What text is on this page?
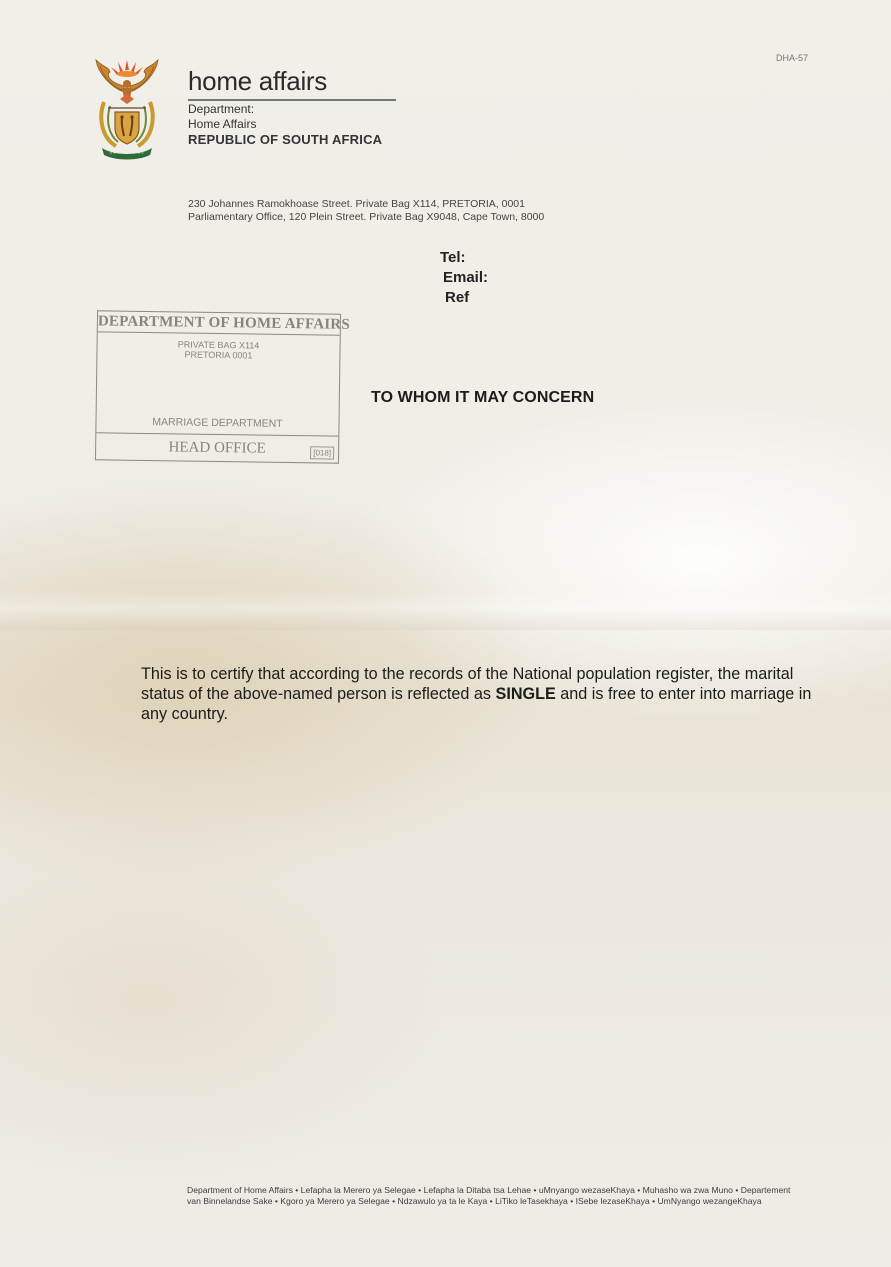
DHA-57
home affairs
Department:
Home Affairs
REPUBLIC OF SOUTH AFRICA
230 Johannes Ramokhoase Street. Private Bag X114, PRETORIA, 0001
Parliamentary Office, 120 Plein Street. Private Bag X9048, Cape Town, 8000
Tel:
Email:
Ref
DEPARTMENT OF HOME AFFAIRS
PRIVATE BAG X114
PRETORIA 0001
MARRIAGE DEPARTMENT
HEAD OFFICE	[018]
TO WHOM IT MAY CONCERN
This is to certify that according to the records of the National population register, the marital status of the above-named person is reflected as SINGLE and is free to enter into marriage in any country.
Department of Home Affairs • Lefapha la Merero ya Selegae • Lefapha la Ditaba tsa Lehae • uMnyango wezaseKhaya • Muhasho wa zwa Muno • Departement
van Binnelandse Sake • Kgoro ya Merero ya Selegae • Ndzawulo ya ta le Kaya • LiTiko leTasekhaya • ISebe lezaseKhaya • UmNyango wezangeKhaya
